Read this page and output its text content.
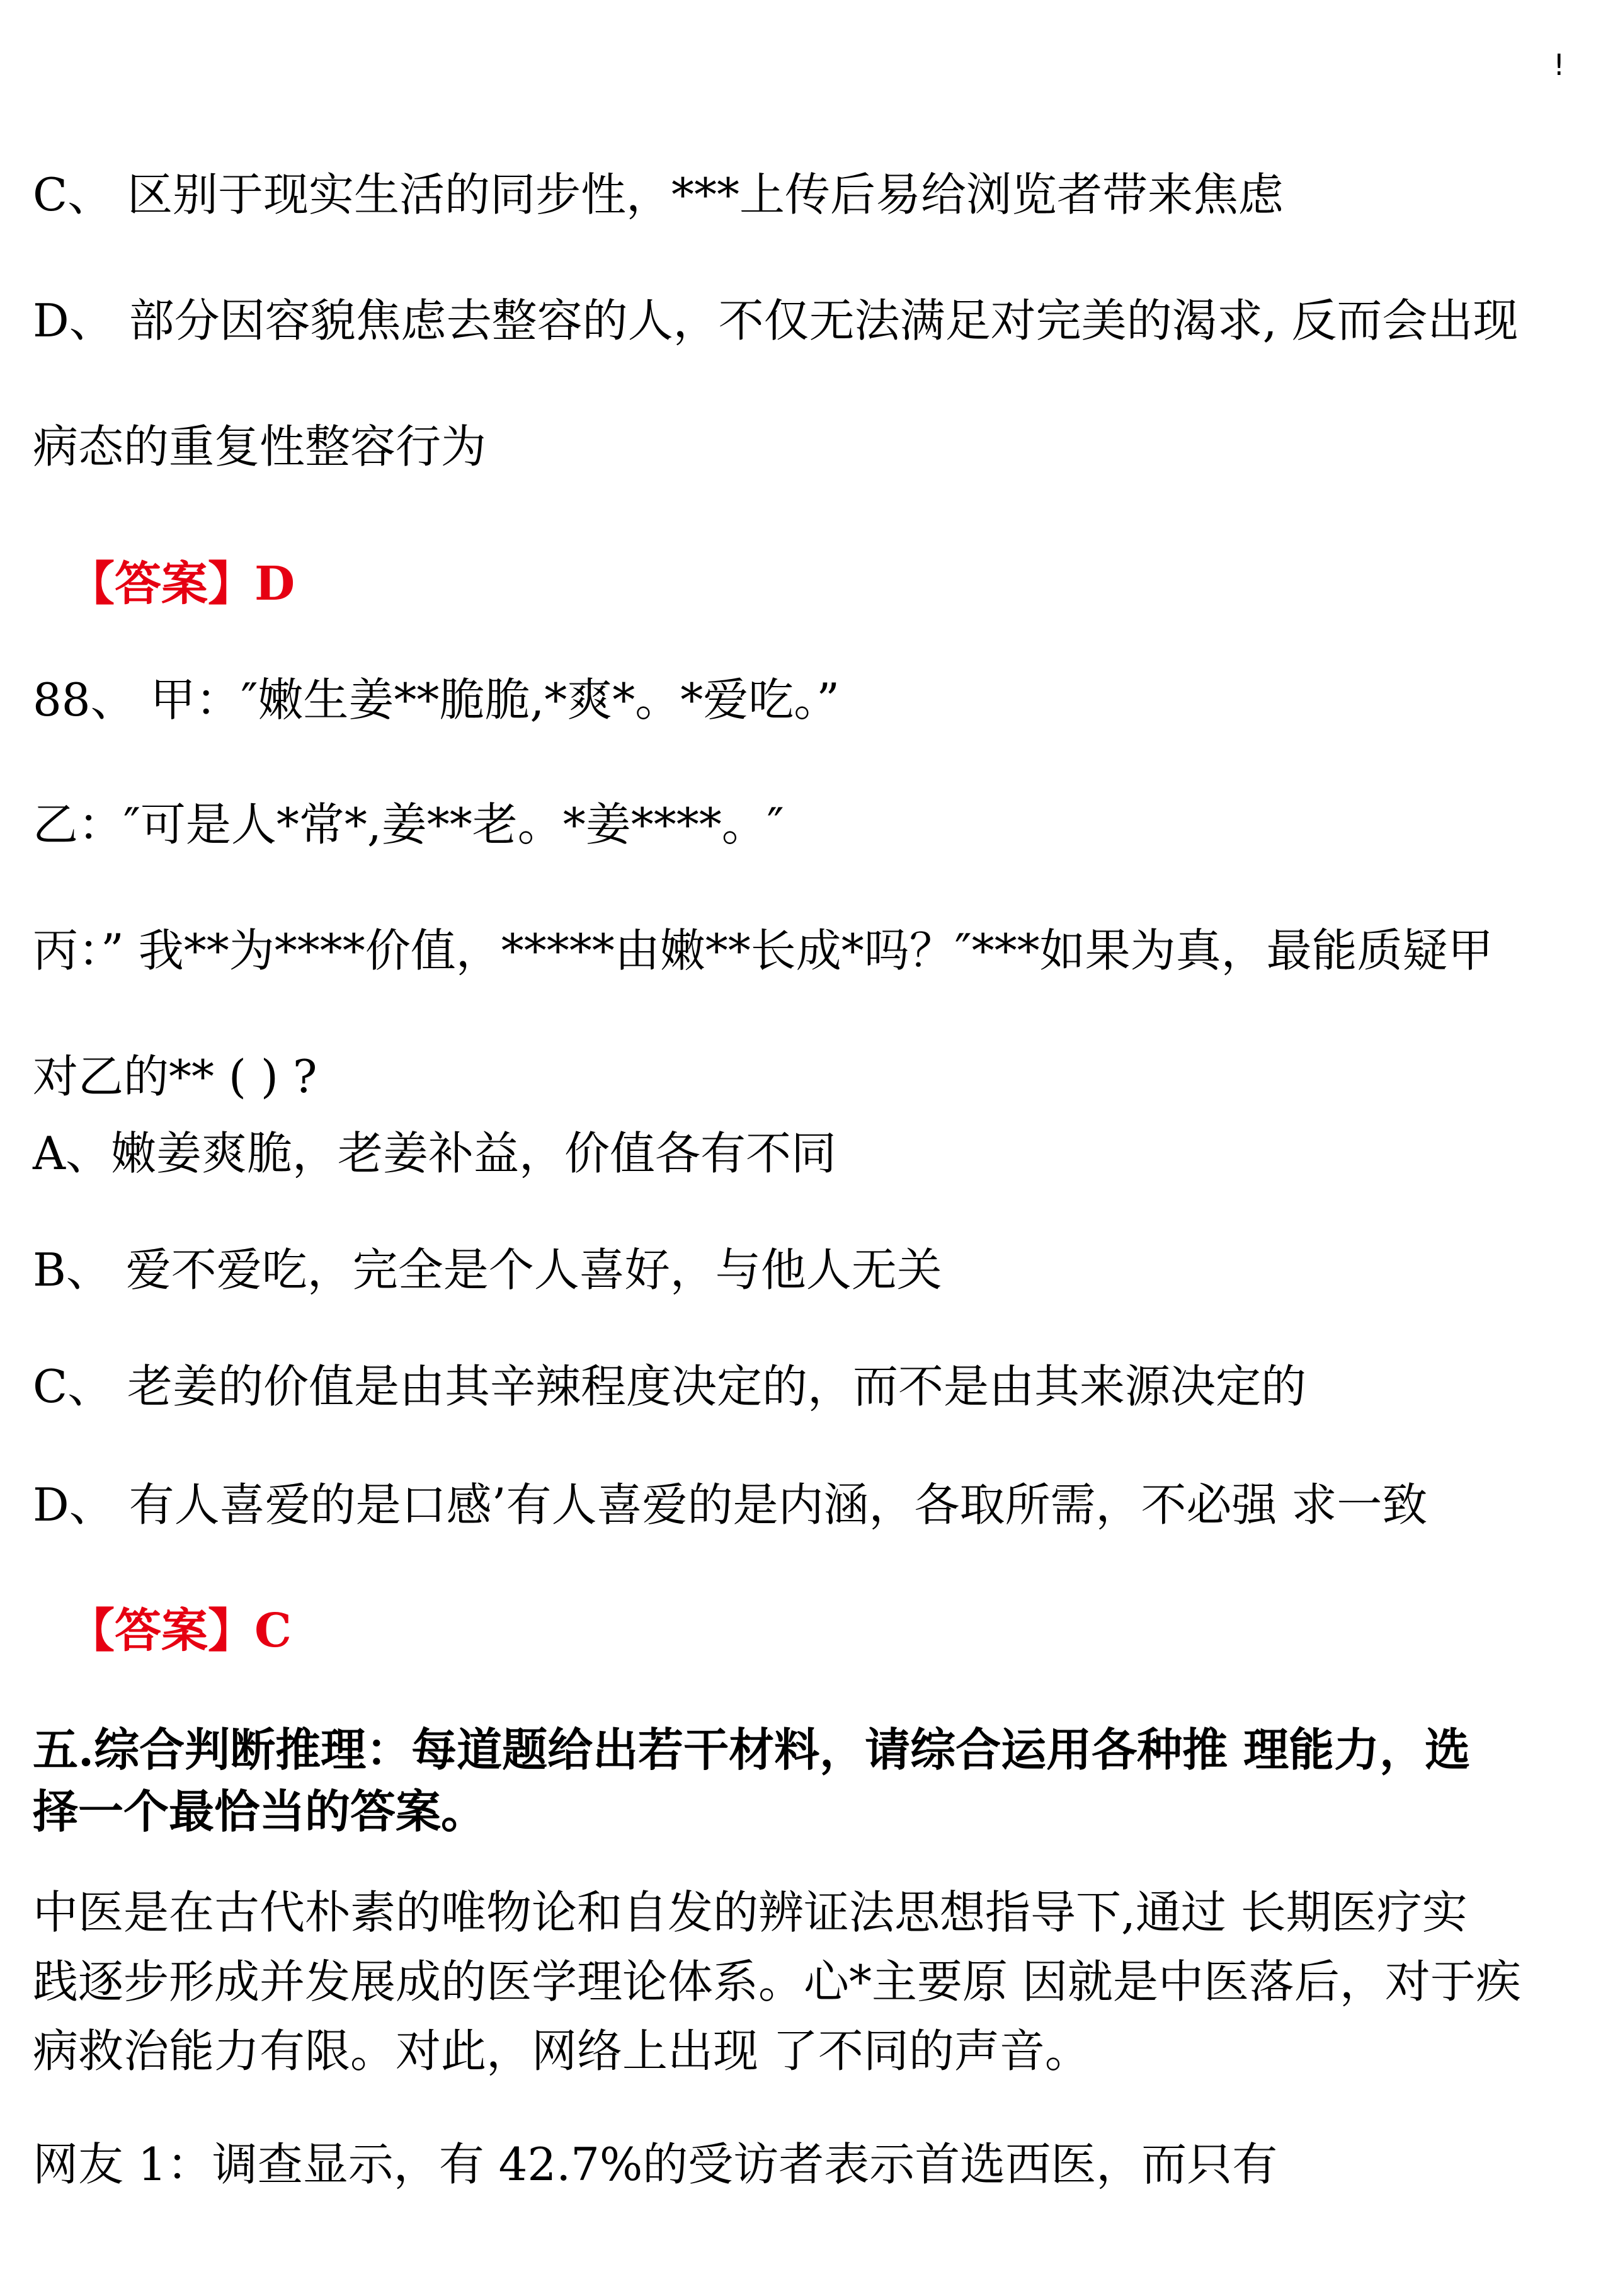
!

C、 区别于现实生活的同步性，***上传后易给浏览者带来焦虑

D、 部分因容貌焦虑去整容的人，不仅无法满足对完美的渴求, 反而会出现

病态的重复性整容行为

【答案】D

88、 甲：″嫩生姜**脆脆,*爽*。*爱吃。”

乙：″可是人*常*,姜**老。*姜****。″

丙：” 我**为****价值，*****由嫩**长成*吗？″***如果为真，最能质疑甲

对乙的** ( ) ?

A、嫩姜爽脆，老姜补益，价值各有不同

B、 爱不爱吃，完全是个人喜好，与他人无关

C、 老姜的价值是由其辛辣程度决定的，而不是由其来源决定的

D、 有人喜爱的是口感’有人喜爱的是内涵，各取所需，不必强 求一致

【答案】C

五.综合判断推理：每道题给出若干材料，请综合运用各种推 理能力，选

择一个最恰当的答案。

中医是在古代朴素的唯物论和自发的辨证法思想指导下,通过 长期医疗实

践逐步形成并发展成的医学理论体系。心*主要原 因就是中医落后，对于疾

病救治能力有限。对此，网络上出现 了不同的声音。

网友 1：调查显示，有 42.7%的受访者表示首选西医，而只有
